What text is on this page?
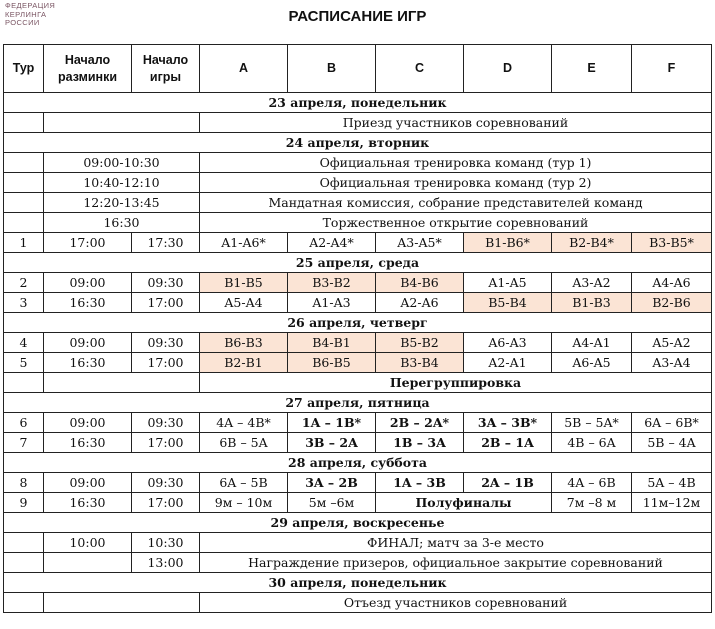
ФЕДЕРАЦИЯ
КЕРЛИНГА
РОССИИ	РАСПИСАНИЕ ИГР
Тур	Начало разминки	Начало игры	A	B	C	D	E	F
23 апреля, понедельник								
			Приезд участников соревнований					
24 апреля, вторник								
	09:00-10:30		Официальная тренировка команд (тур 1)					
	10:40-12:10		Официальная тренировка команд (тур 2)					
	12:20-13:45		Мандатная комиссия, собрание представителей команд					
	16:30		Торжественное открытие соревнований					
1	17:00	17:30	A1-A6*	A2-A4*	A3-A5*	B1-B6*	B2-B4*	B3-B5*
25 апреля, среда								
2	09:00	09:30	B1-B5	B3-B2	B4-B6	A1-A5	A3-A2	A4-A6
3	16:30	17:00	A5-A4	A1-A3	A2-A6	B5-B4	B1-B3	B2-B6
26 апреля, четверг								
4	09:00	09:30	B6-B3	B4-B1	B5-B2	A6-A3	A4-A1	A5-A2
5	16:30	17:00	B2-B1	B6-B5	B3-B4	A2-A1	A6-A5	A3-A4
			Перегруппировка					
27 апреля, пятница								
6	09:00	09:30	4A – 4B*	1A – 1B*	2B – 2A*	3A – 3B*	5B – 5A*	6A – 6B*
7	16:30	17:00	6B – 5A	3B – 2A	1B – 3A	2B – 1A	4B – 6A	5B – 4A
28 апреля, суббота								
8	09:00	09:30	6A – 5B	3A – 2B	1A – 3B	2A – 1B	4A – 6B	5A – 4B
9	16:30	17:00	9м – 10м	5м –6м	Полуфиналы		7м –8 м	11м–12м
29 апреля, воскресенье								
	10:00	10:30	ФИНАЛ; матч за 3-е место					
		13:00	Награждение призеров, официальное закрытие соревнований					
30 апреля, понедельник								
			Отъезд участников соревнований					
